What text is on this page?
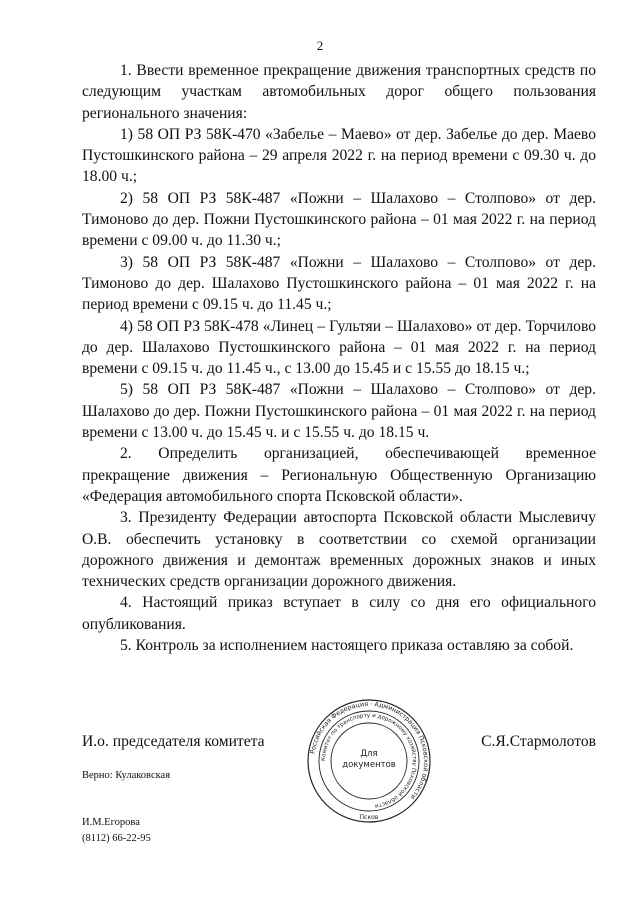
2

1. Ввести временное прекращение движения транспортных средств по следующим участкам автомобильных дорог общего пользования регионального значения:

1) 58 ОП РЗ 58К-470 «Забелье – Маево» от дер. Забелье до дер. Маево Пустошкинского района – 29 апреля 2022 г. на период времени с 09.30 ч. до 18.00 ч.;

2) 58 ОП РЗ 58К-487 «Пожни – Шалахово – Столпово» от дер. Тимоново до дер. Пожни Пустошкинского района – 01 мая 2022 г. на период времени с 09.00 ч. до 11.30 ч.;

3) 58 ОП РЗ 58К-487 «Пожни – Шалахово – Столпово» от дер. Тимоново до дер. Шалахово Пустошкинского района – 01 мая 2022 г. на период времени с 09.15 ч. до 11.45 ч.;

4) 58 ОП РЗ 58К-478 «Линец – Гультяи – Шалахово» от дер. Торчилово до дер. Шалахово Пустошкинского района – 01 мая 2022 г. на период времени с 09.15 ч. до 11.45 ч., с 13.00 до 15.45 и с 15.55 до 18.15 ч.;

5) 58 ОП РЗ 58К-487 «Пожни – Шалахово – Столпово» от дер. Шалахово до дер. Пожни Пустошкинского района – 01 мая 2022 г. на период времени с 13.00 ч. до 15.45 ч. и с 15.55 ч. до 18.15 ч.

2. Определить организацией, обеспечивающей временное прекращение движения – Региональную Общественную Организацию «Федерация автомобильного спорта Псковской области».

3. Президенту Федерации автоспорта Псковской области Мыслевичу О.В. обеспечить установку в соответствии со схемой организации дорожного движения и демонтаж временных дорожных знаков и иных технических средств организации дорожного движения.

4. Настоящий приказ вступает в силу со дня его официального опубликования.

5. Контроль за исполнением настоящего приказа оставляю за собой.

И.о. председателя комитета	С.Я.Стармолотов
Российская Федерация · Администрация Псковской области
Комитет по транспорту и дорожному хозяйству Псковской области
Для
документов
Псков
Верно: Кулаковская
И.М.Егорова
(8112) 66-22-95
